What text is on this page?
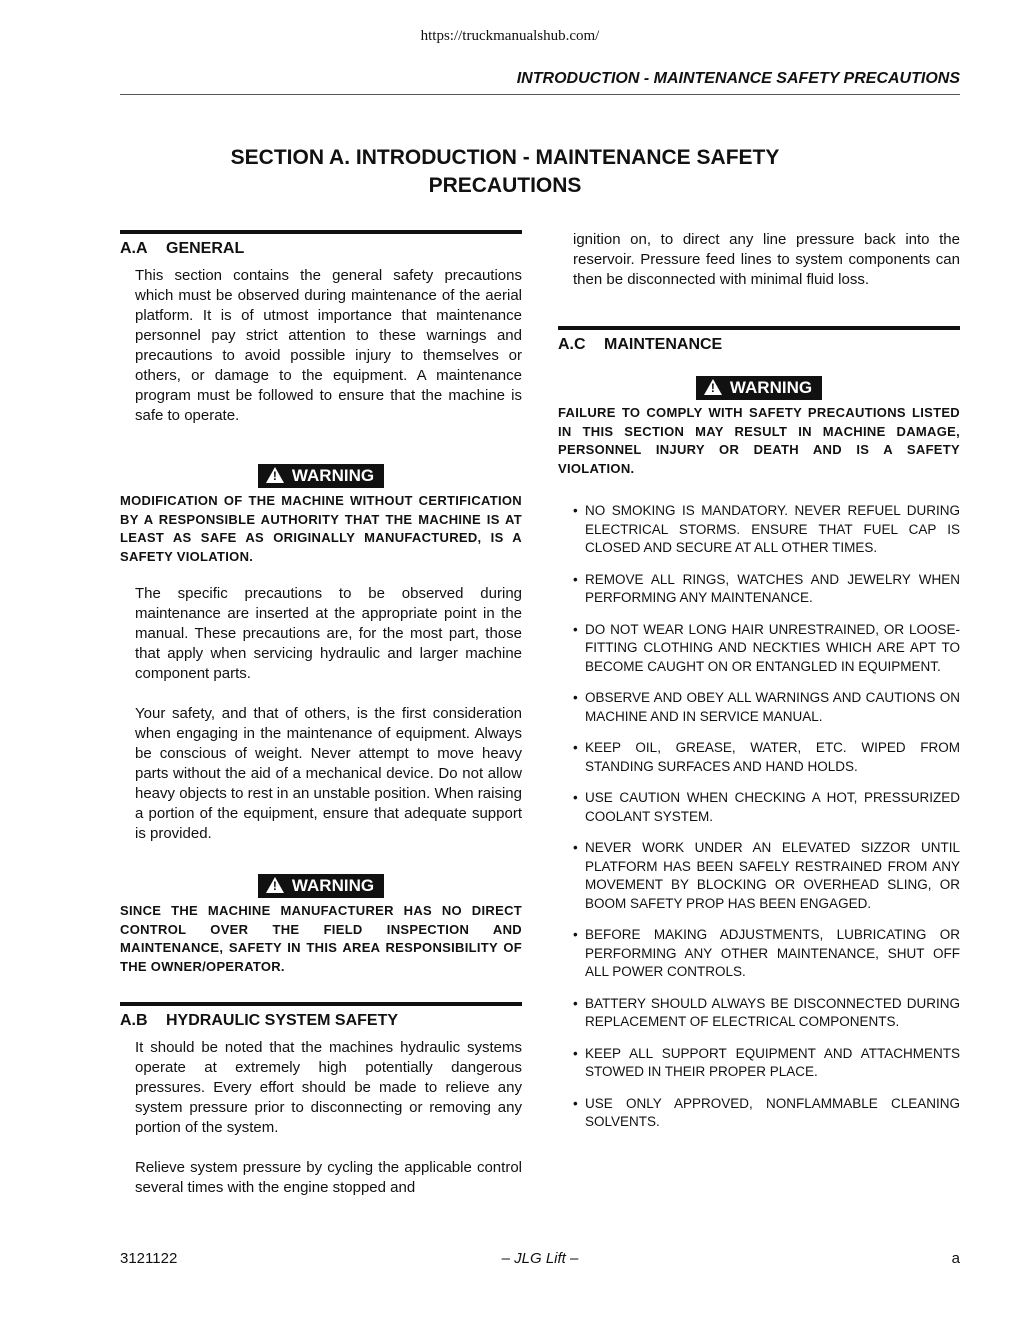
https://truckmanualshub.com/
INTRODUCTION - MAINTENANCE SAFETY PRECAUTIONS
SECTION A. INTRODUCTION - MAINTENANCE SAFETY
PRECAUTIONS
A.A GENERAL
This section contains the general safety precautions which must be observed during maintenance of the aerial platform. It is of utmost importance that maintenance personnel pay strict attention to these warnings and precautions to avoid possible injury to themselves or others, or damage to the equipment. A maintenance program must be followed to ensure that the machine is safe to operate.
! WARNING
MODIFICATION OF THE MACHINE WITHOUT CERTIFICATION BY A RESPONSIBLE AUTHORITY THAT THE MACHINE IS AT LEAST AS SAFE AS ORIGINALLY MANUFACTURED, IS A SAFETY VIOLATION.
The specific precautions to be observed during maintenance are inserted at the appropriate point in the manual. These precautions are, for the most part, those that apply when servicing hydraulic and larger machine component parts.
Your safety, and that of others, is the first consideration when engaging in the maintenance of equipment. Always be conscious of weight. Never attempt to move heavy parts without the aid of a mechanical device. Do not allow heavy objects to rest in an unstable position. When raising a portion of the equipment, ensure that adequate support is provided.
! WARNING
SINCE THE MACHINE MANUFACTURER HAS NO DIRECT CONTROL OVER THE FIELD INSPECTION AND MAINTENANCE, SAFETY IN THIS AREA RESPONSIBILITY OF THE OWNER/OPERATOR.
A.B HYDRAULIC SYSTEM SAFETY
It should be noted that the machines hydraulic systems operate at extremely high potentially dangerous pressures. Every effort should be made to relieve any system pressure prior to disconnecting or removing any portion of the system.
Relieve system pressure by cycling the applicable control several times with the engine stopped and
ignition on, to direct any line pressure back into the reservoir. Pressure feed lines to system components can then be disconnected with minimal fluid loss.
A.C MAINTENANCE
! WARNING
FAILURE TO COMPLY WITH SAFETY PRECAUTIONS LISTED IN THIS SECTION MAY RESULT IN MACHINE DAMAGE, PERSONNEL INJURY OR DEATH AND IS A SAFETY VIOLATION.
• NO SMOKING IS MANDATORY. NEVER REFUEL DURING ELECTRICAL STORMS. ENSURE THAT FUEL CAP IS CLOSED AND SECURE AT ALL OTHER TIMES.
• REMOVE ALL RINGS, WATCHES AND JEWELRY WHEN PERFORMING ANY MAINTENANCE.
• DO NOT WEAR LONG HAIR UNRESTRAINED, OR LOOSE-FITTING CLOTHING AND NECKTIES WHICH ARE APT TO BECOME CAUGHT ON OR ENTANGLED IN EQUIPMENT.
• OBSERVE AND OBEY ALL WARNINGS AND CAUTIONS ON MACHINE AND IN SERVICE MANUAL.
• KEEP OIL, GREASE, WATER, ETC. WIPED FROM STANDING SURFACES AND HAND HOLDS.
• USE CAUTION WHEN CHECKING A HOT, PRESSURIZED COOLANT SYSTEM.
• NEVER WORK UNDER AN ELEVATED SIZZOR UNTIL PLATFORM HAS BEEN SAFELY RESTRAINED FROM ANY MOVEMENT BY BLOCKING OR OVERHEAD SLING, OR BOOM SAFETY PROP HAS BEEN ENGAGED.
• BEFORE MAKING ADJUSTMENTS, LUBRICATING OR PERFORMING ANY OTHER MAINTENANCE, SHUT OFF ALL POWER CONTROLS.
• BATTERY SHOULD ALWAYS BE DISCONNECTED DURING REPLACEMENT OF ELECTRICAL COMPONENTS.
• KEEP ALL SUPPORT EQUIPMENT AND ATTACHMENTS STOWED IN THEIR PROPER PLACE.
• USE ONLY APPROVED, NONFLAMMABLE CLEANING SOLVENTS.
3121122	– JLG Lift –	a
